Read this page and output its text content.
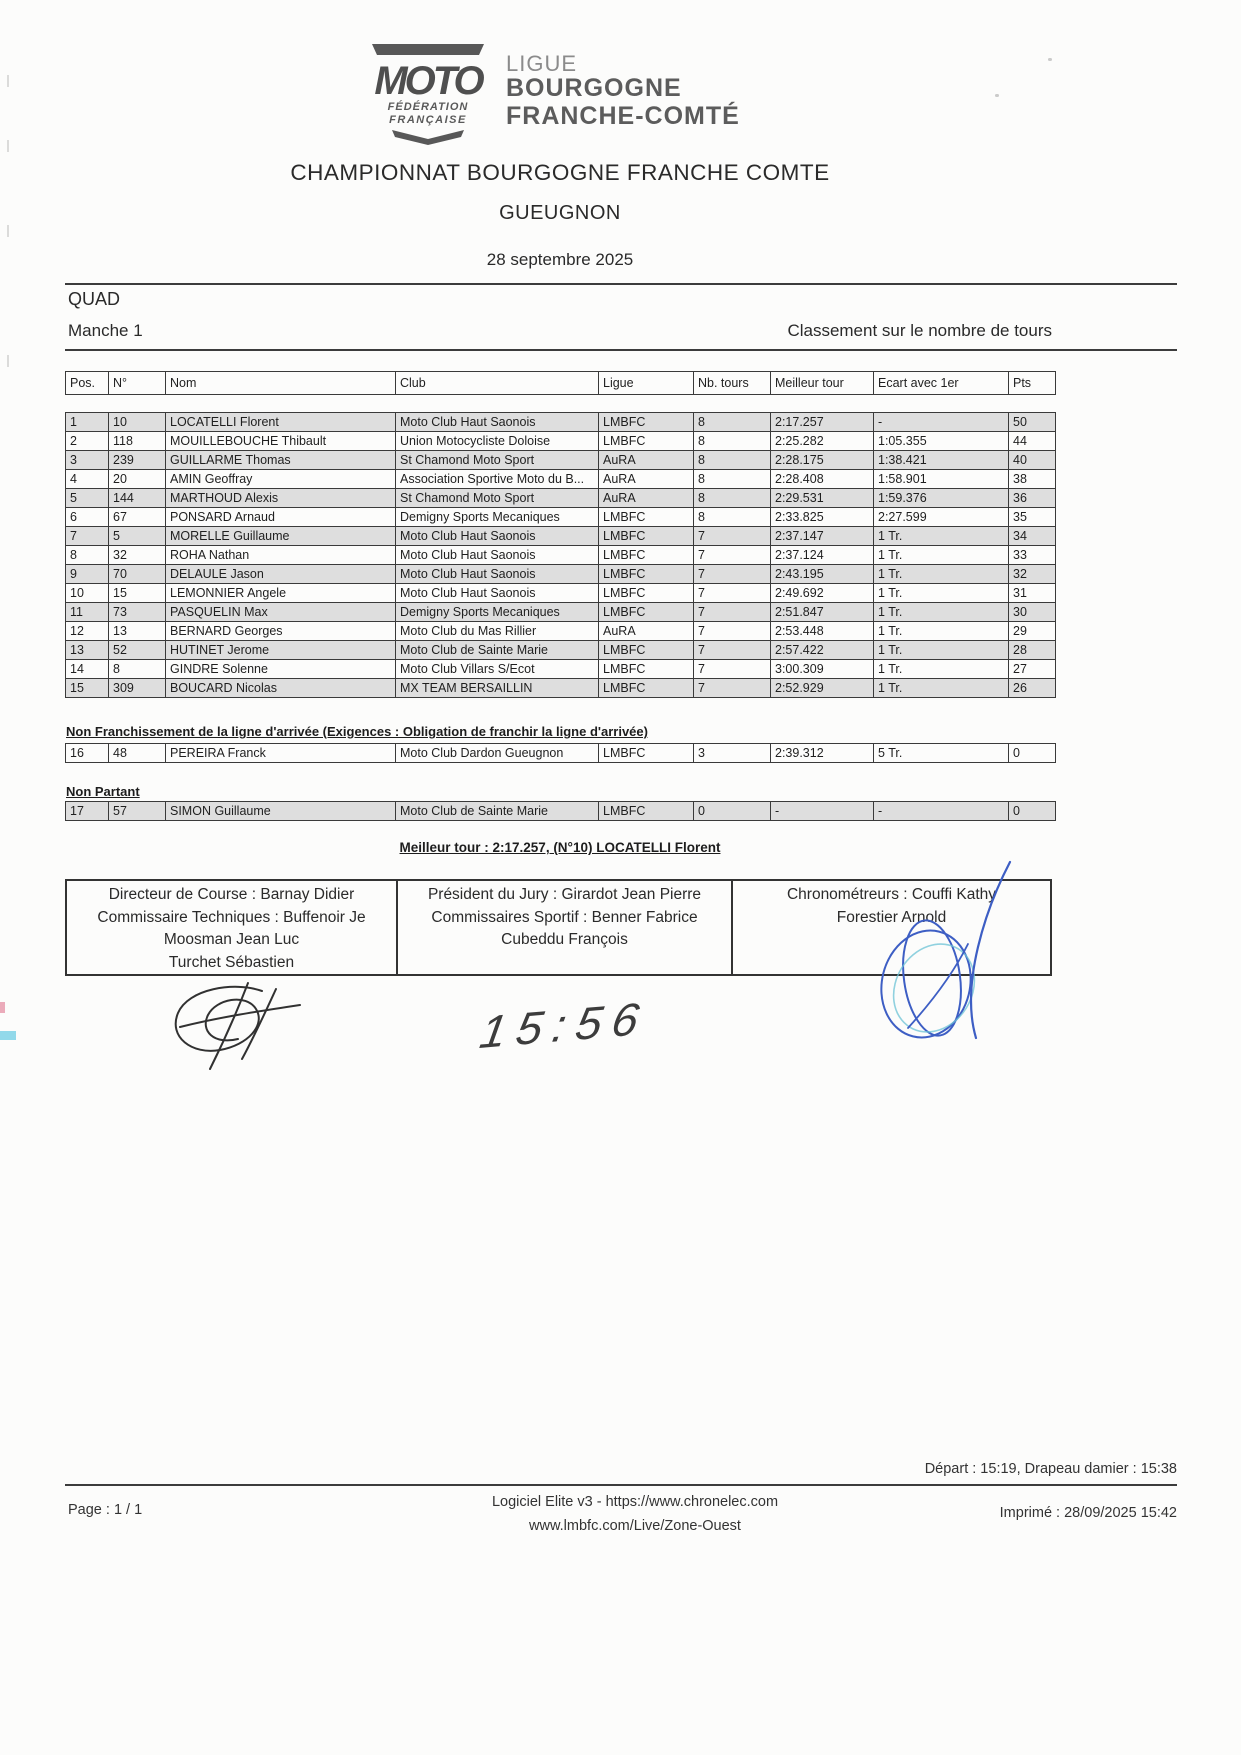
MOTO
FÉDÉRATION
FRANÇAISE
LIGUE
BOURGOGNE
FRANCHE-COMTÉ
CHAMPIONNAT BOURGOGNE FRANCHE COMTE
GUEUGNON
28 septembre 2025
QUAD
Manche 1	Classement sur le nombre de tours
Pos.	N°	Nom	Club	Ligue	Nb. tours	Meilleur tour	Ecart avec 1er	Pts
1	10	LOCATELLI Florent	Moto Club Haut Saonois	LMBFC	8	2:17.257	-	50
2	118	MOUILLEBOUCHE Thibault	Union Motocycliste Doloise	LMBFC	8	2:25.282	1:05.355	44
3	239	GUILLARME Thomas	St Chamond Moto Sport	AuRA	8	2:28.175	1:38.421	40
4	20	AMIN Geoffray	Association Sportive Moto du B...	AuRA	8	2:28.408	1:58.901	38
5	144	MARTHOUD Alexis	St Chamond Moto Sport	AuRA	8	2:29.531	1:59.376	36
6	67	PONSARD Arnaud	Demigny Sports Mecaniques	LMBFC	8	2:33.825	2:27.599	35
7	5	MORELLE Guillaume	Moto Club Haut Saonois	LMBFC	7	2:37.147	1 Tr.	34
8	32	ROHA Nathan	Moto Club Haut Saonois	LMBFC	7	2:37.124	1 Tr.	33
9	70	DELAULE Jason	Moto Club Haut Saonois	LMBFC	7	2:43.195	1 Tr.	32
10	15	LEMONNIER Angele	Moto Club Haut Saonois	LMBFC	7	2:49.692	1 Tr.	31
11	73	PASQUELIN Max	Demigny Sports Mecaniques	LMBFC	7	2:51.847	1 Tr.	30
12	13	BERNARD Georges	Moto Club du Mas Rillier	AuRA	7	2:53.448	1 Tr.	29
13	52	HUTINET Jerome	Moto Club de Sainte Marie	LMBFC	7	2:57.422	1 Tr.	28
14	8	GINDRE Solenne	Moto Club Villars S/Ecot	LMBFC	7	3:00.309	1 Tr.	27
15	309	BOUCARD Nicolas	MX TEAM BERSAILLIN	LMBFC	7	2:52.929	1 Tr.	26
Non Franchissement de la ligne d'arrivée (Exigences : Obligation de franchir la ligne d'arrivée)
16	48	PEREIRA Franck	Moto Club Dardon Gueugnon	LMBFC	3	2:39.312	5 Tr.	0
Non Partant
17	57	SIMON Guillaume	Moto Club de Sainte Marie	LMBFC	0	-	-	0
Meilleur tour : 2:17.257, (N°10) LOCATELLI Florent
Directeur de Course : Barnay Didier
Commissaire Techniques : Buffenoir Je
Moosman Jean Luc
Turchet Sébastien
Président du Jury : Girardot Jean Pierre
Commissaires Sportif : Benner Fabrice
Cubeddu François
Chronométreurs : Couffi Kathy
Forestier Arnold
15:56
Départ : 15:19, Drapeau damier : 15:38
Page : 1 / 1	Logiciel Elite v3 - https://www.chronelec.com
www.lmbfc.com/Live/Zone-Ouest
Imprimé : 28/09/2025 15:42
